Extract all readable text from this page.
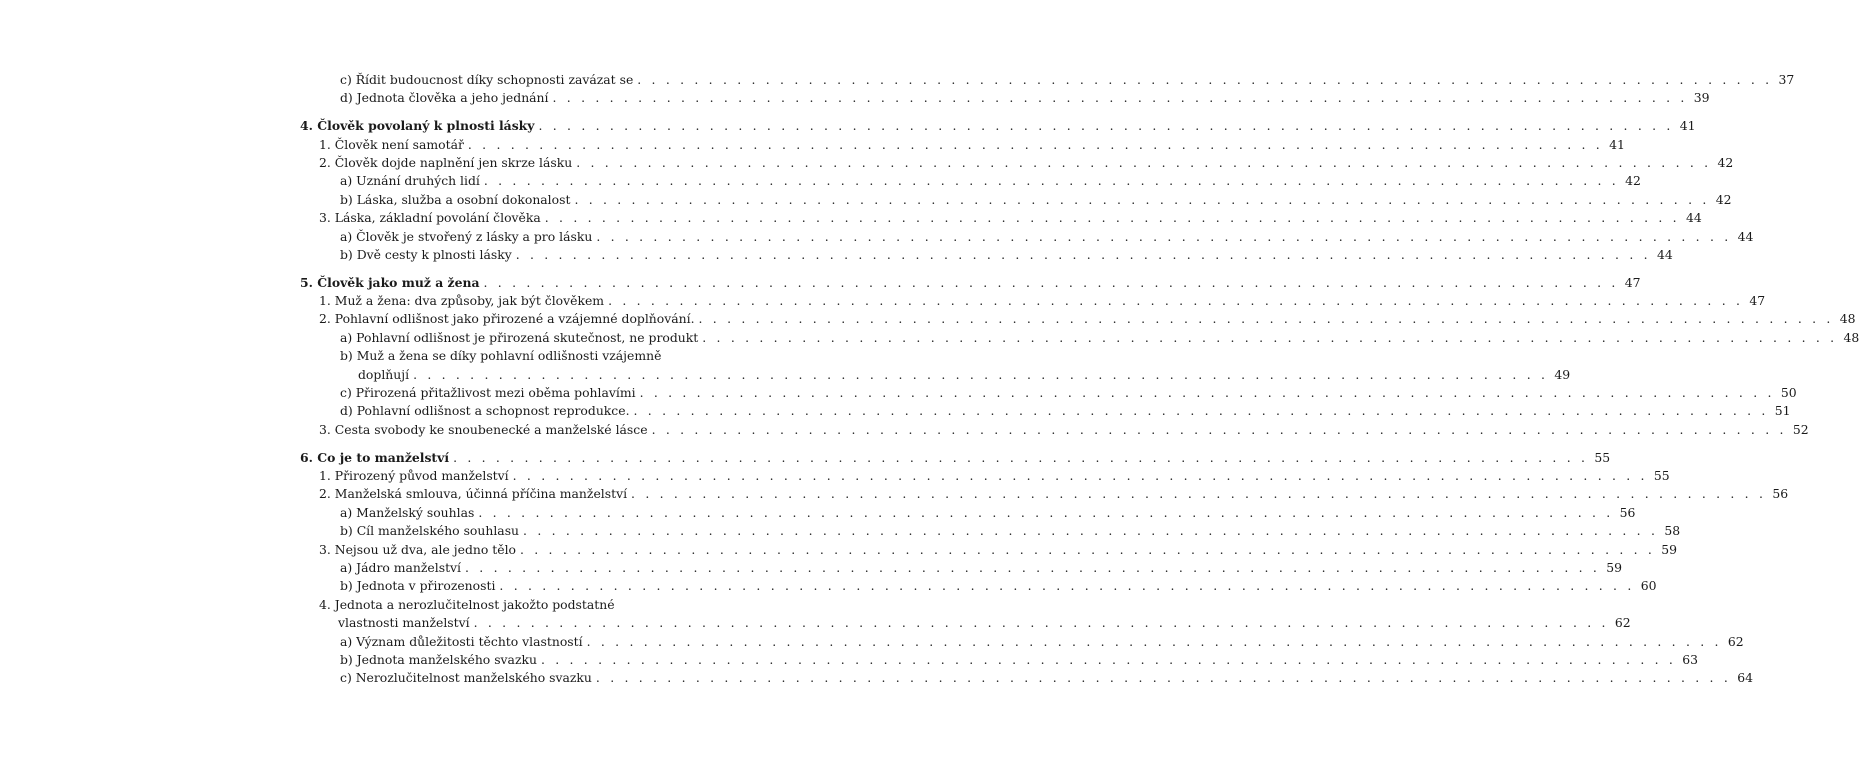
c) Řídit budoucnost díky schopnosti zavázat se . . . . . . . . . . . . . . . . . . . . . . . . . . . . . . . . . . . . . . . . . . . . . . . . . . . . . . . . . . . . . . . . . . . . . . . . . . . . . . . . 37
d) Jednota člověka a jeho jednání . . . . . . . . . . . . . . . . . . . . . . . . . . . . . . . . . . . . . . . . . . . . . . . . . . . . . . . . . . . . . . . . . . . . . . . . . . . . . . . . 39
4. Člověk povolaný k plnosti lásky . . . . . . . . . . . . . . . . . . . . . . . . . . . . . . . . . . . . . . . . . . . . . . . . . . . . . . . . . . . . . . . . . . . . . . . . . . . . . . . . 41
1. Člověk není samotář . . . . . . . . . . . . . . . . . . . . . . . . . . . . . . . . . . . . . . . . . . . . . . . . . . . . . . . . . . . . . . . . . . . . . . . . . . . . . . . . 41
2. Člověk dojde naplnění jen skrze lásku . . . . . . . . . . . . . . . . . . . . . . . . . . . . . . . . . . . . . . . . . . . . . . . . . . . . . . . . . . . . . . . . . . . . . . . . . . . . . . . . 42
a) Uznání druhých lidí . . . . . . . . . . . . . . . . . . . . . . . . . . . . . . . . . . . . . . . . . . . . . . . . . . . . . . . . . . . . . . . . . . . . . . . . . . . . . . . . 42
b) Láska, služba a osobní dokonalost . . . . . . . . . . . . . . . . . . . . . . . . . . . . . . . . . . . . . . . . . . . . . . . . . . . . . . . . . . . . . . . . . . . . . . . . . . . . . . . . 42
3. Láska, základní povolání člověka . . . . . . . . . . . . . . . . . . . . . . . . . . . . . . . . . . . . . . . . . . . . . . . . . . . . . . . . . . . . . . . . . . . . . . . . . . . . . . . . 44
a) Člověk je stvořený z lásky a pro lásku . . . . . . . . . . . . . . . . . . . . . . . . . . . . . . . . . . . . . . . . . . . . . . . . . . . . . . . . . . . . . . . . . . . . . . . . . . . . . . . . 44
b) Dvě cesty k plnosti lásky . . . . . . . . . . . . . . . . . . . . . . . . . . . . . . . . . . . . . . . . . . . . . . . . . . . . . . . . . . . . . . . . . . . . . . . . . . . . . . . . 44
5. Člověk jako muž a žena . . . . . . . . . . . . . . . . . . . . . . . . . . . . . . . . . . . . . . . . . . . . . . . . . . . . . . . . . . . . . . . . . . . . . . . . . . . . . . . . 47
1. Muž a žena: dva způsoby, jak být člověkem . . . . . . . . . . . . . . . . . . . . . . . . . . . . . . . . . . . . . . . . . . . . . . . . . . . . . . . . . . . . . . . . . . . . . . . . . . . . . . . . 47
2. Pohlavní odlišnost jako přirozené a vzájemné doplňování. . . . . . . . . . . . . . . . . . . . . . . . . . . . . . . . . . . . . . . . . . . . . . . . . . . . . . . . . . . . . . . . . . . . . . . . . . . . . . . . . 48
a) Pohlavní odlišnost je přirozená skutečnost, ne produkt . . . . . . . . . . . . . . . . . . . . . . . . . . . . . . . . . . . . . . . . . . . . . . . . . . . . . . . . . . . . . . . . . . . . . . . . . . . . . . . . 48
b) Muž a žena se díky pohlavní odlišnosti vzájemně
doplňují . . . . . . . . . . . . . . . . . . . . . . . . . . . . . . . . . . . . . . . . . . . . . . . . . . . . . . . . . . . . . . . . . . . . . . . . . . . . . . . . 49
c) Přirozená přitažlivost mezi oběma pohlavími . . . . . . . . . . . . . . . . . . . . . . . . . . . . . . . . . . . . . . . . . . . . . . . . . . . . . . . . . . . . . . . . . . . . . . . . . . . . . . . . 50
d) Pohlavní odlišnost a schopnost reprodukce. . . . . . . . . . . . . . . . . . . . . . . . . . . . . . . . . . . . . . . . . . . . . . . . . . . . . . . . . . . . . . . . . . . . . . . . . . . . . . . . . 51
3. Cesta svobody ke snoubenecké a manželské lásce . . . . . . . . . . . . . . . . . . . . . . . . . . . . . . . . . . . . . . . . . . . . . . . . . . . . . . . . . . . . . . . . . . . . . . . . . . . . . . . . 52
6. Co je to manželství . . . . . . . . . . . . . . . . . . . . . . . . . . . . . . . . . . . . . . . . . . . . . . . . . . . . . . . . . . . . . . . . . . . . . . . . . . . . . . . . 55
1. Přirozený původ manželství . . . . . . . . . . . . . . . . . . . . . . . . . . . . . . . . . . . . . . . . . . . . . . . . . . . . . . . . . . . . . . . . . . . . . . . . . . . . . . . . 55
2. Manželská smlouva, účinná příčina manželství . . . . . . . . . . . . . . . . . . . . . . . . . . . . . . . . . . . . . . . . . . . . . . . . . . . . . . . . . . . . . . . . . . . . . . . . . . . . . . . . 56
a) Manželský souhlas . . . . . . . . . . . . . . . . . . . . . . . . . . . . . . . . . . . . . . . . . . . . . . . . . . . . . . . . . . . . . . . . . . . . . . . . . . . . . . . . 56
b) Cíl manželského souhlasu . . . . . . . . . . . . . . . . . . . . . . . . . . . . . . . . . . . . . . . . . . . . . . . . . . . . . . . . . . . . . . . . . . . . . . . . . . . . . . . . 58
3. Nejsou už dva, ale jedno tělo . . . . . . . . . . . . . . . . . . . . . . . . . . . . . . . . . . . . . . . . . . . . . . . . . . . . . . . . . . . . . . . . . . . . . . . . . . . . . . . . 59
a) Jádro manželství . . . . . . . . . . . . . . . . . . . . . . . . . . . . . . . . . . . . . . . . . . . . . . . . . . . . . . . . . . . . . . . . . . . . . . . . . . . . . . . . 59
b) Jednota v přirozenosti . . . . . . . . . . . . . . . . . . . . . . . . . . . . . . . . . . . . . . . . . . . . . . . . . . . . . . . . . . . . . . . . . . . . . . . . . . . . . . . . 60
4. Jednota a nerozlučitelnost jakožto podstatné
vlastnosti manželství . . . . . . . . . . . . . . . . . . . . . . . . . . . . . . . . . . . . . . . . . . . . . . . . . . . . . . . . . . . . . . . . . . . . . . . . . . . . . . . . 62
a) Význam důležitosti těchto vlastností . . . . . . . . . . . . . . . . . . . . . . . . . . . . . . . . . . . . . . . . . . . . . . . . . . . . . . . . . . . . . . . . . . . . . . . . . . . . . . . . 62
b) Jednota manželského svazku . . . . . . . . . . . . . . . . . . . . . . . . . . . . . . . . . . . . . . . . . . . . . . . . . . . . . . . . . . . . . . . . . . . . . . . . . . . . . . . . 63
c) Nerozlučitelnost manželského svazku . . . . . . . . . . . . . . . . . . . . . . . . . . . . . . . . . . . . . . . . . . . . . . . . . . . . . . . . . . . . . . . . . . . . . . . . . . . . . . . . 64
